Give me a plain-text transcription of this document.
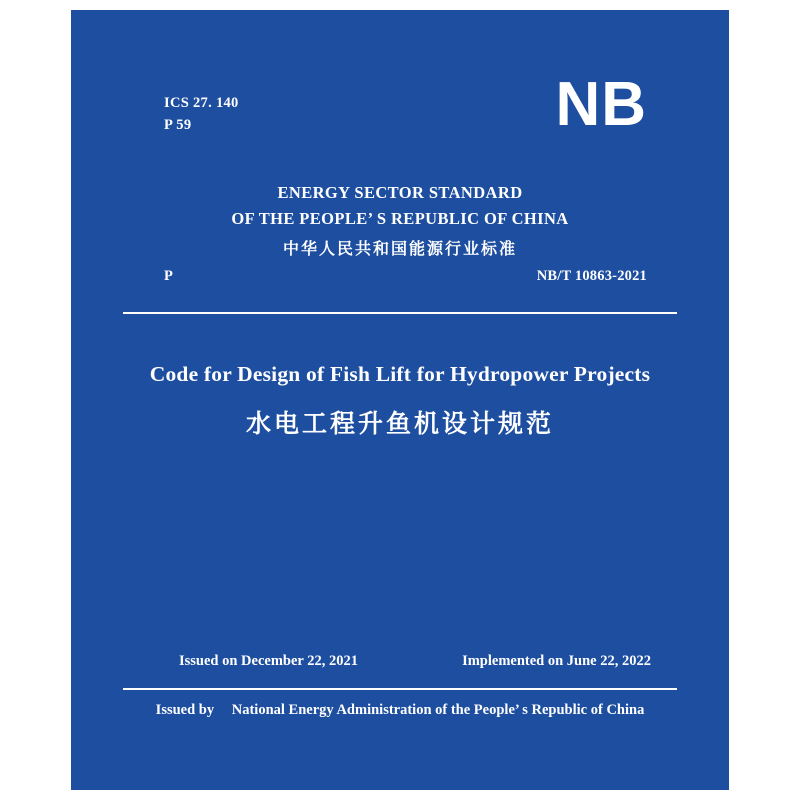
ICS 27. 140
P 59	NB
ENERGY SECTOR STANDARD
OF THE PEOPLE’ S REPUBLIC OF CHINA
中华人民共和国能源行业标准
P	NB/T 10863-2021
Code for Design of Fish Lift for Hydropower Projects
水电工程升鱼机设计规范
Issued on December 22, 2021	Implemented on June 22, 2022
Issued by National Energy Administration of the People’ s Republic of China
